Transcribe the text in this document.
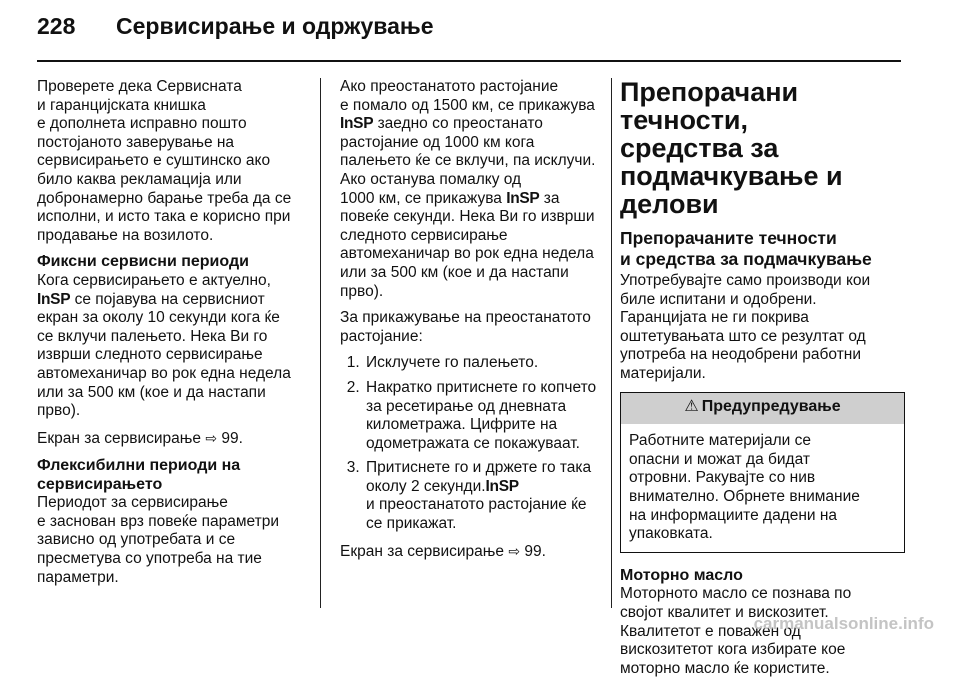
228 Сервисирање и одржување

Проверете дека Сервисната
и гаранцијската книшка
е дополнета исправно пошто
постојаното заверување на
сервисирањето е суштинско ако
било каква рекламација или
добронамерно барање треба да се
исполни, и исто така е корисно при
продавање на возилото.

Фиксни сервисни периоди

Кога сервисирањето е актуелно,
InSP се појавува на сервисниот
екран за околу 10 секунди кога ќе
се вклучи палењето. Нека Ви го
изврши следното сервисирање
автомеханичар во рок една недела
или за 500 км (кое и да настапи
прво).

Екран за сервисирање ⇨ 99.

Флексибилни периоди на сервисирањето

Периодот за сервисирање
е заснован врз повеќе параметри
зависно од употребата и се
пресметува со употреба на тие
параметри.

Ако преостанатото растојание
е помало од 1500 км, се прикажува
InSP заедно со преостанато
растојание од 1000 км кога
палењето ќе се вклучи, па исклучи.
Ако останува помалку од
1000 км, се прикажува InSP за
повеќе секунди. Нека Ви го изврши
следното сервисирање
автомеханичар во рок една недела
или за 500 км (кое и да настапи
прво).

За прикажување на преостанатото
растојание:

1. Исклучете го палењето.
2. Накратко притиснете го копчето
за ресетирање од дневната
километража. Цифрите на
одометражата се покажуваат.
3. Притиснете го и држете го така
околу 2 секунди.InSP
и преостанатото растојание ќе
се прикажат.

Екран за сервисирање ⇨ 99.

Препорачани течности,
средства за
подмачкување и делови
Препорачаните течности
и средства за подмачкување

Употребувајте само производи кои
биле испитани и одобрени.
Гаранцијата не ги покрива
оштетувањата што се резултат од
употреба на неодобрени работни
материјали.

⚠ Предупредување
Работните материјали се
опасни и можат да бидат
отровни. Ракувајте со нив
внимателно. Обрнете внимание
на информациите дадени на
упаковката.
Моторно масло

Моторното масло се познава по
својот квалитет и вискозитет.
Квалитетот е поважен од
вискозитетот кога избирате кое
моторно масло ќе користите.

carmanualsonline.info
